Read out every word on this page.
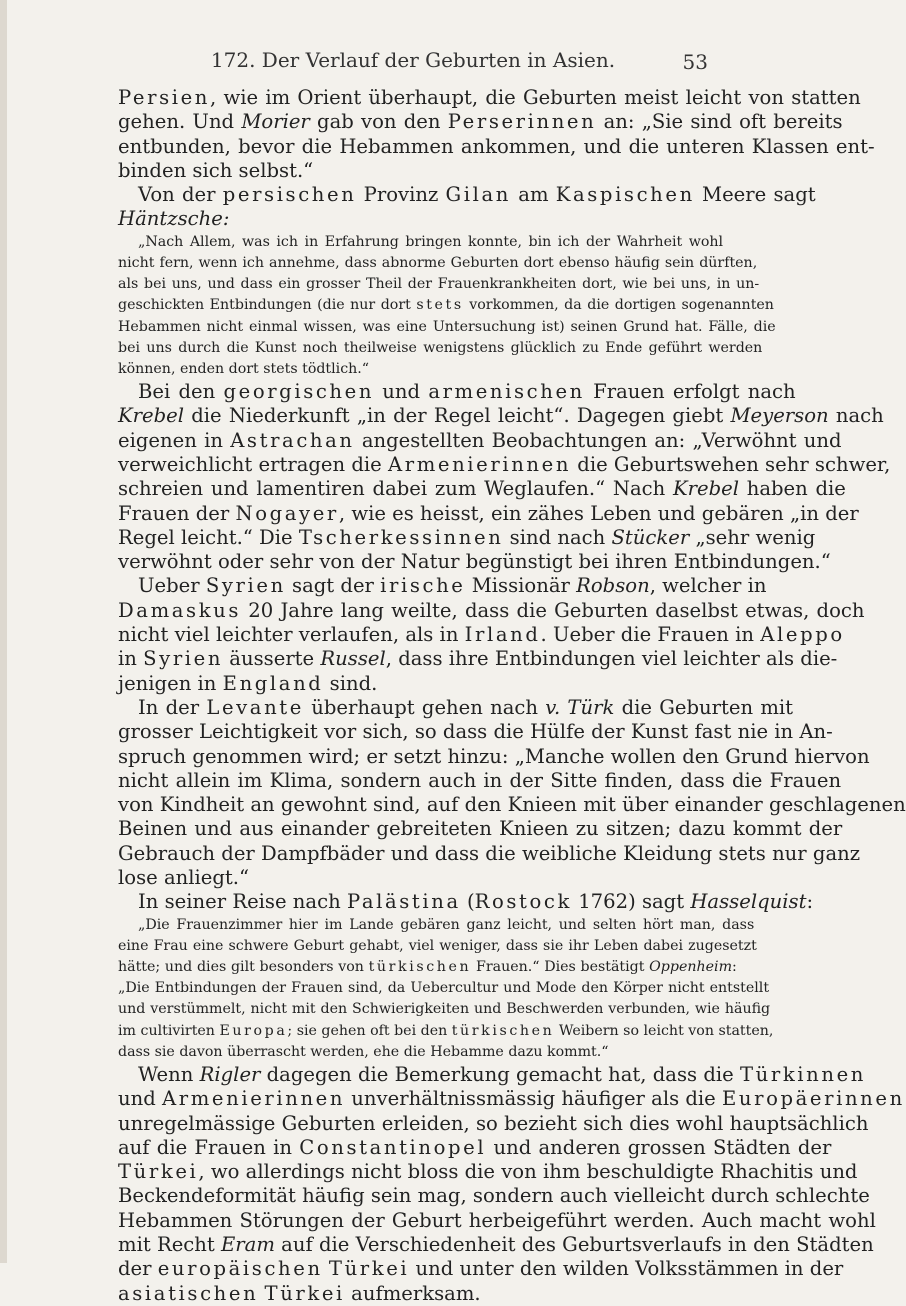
172. Der Verlauf der Geburten in Asien.	53
Persien, wie im Orient überhaupt, die Geburten meist leicht von statten
gehen. Und Morier gab von den Perserinnen an: „Sie sind oft bereits
entbunden, bevor die Hebammen ankommen, und die unteren Klassen ent-
binden sich selbst.“
Von der persischen Provinz Gilan am Kaspischen Meere sagt
Häntzsche:
„Nach Allem, was ich in Erfahrung bringen konnte, bin ich der Wahrheit wohl
nicht fern, wenn ich annehme, dass abnorme Geburten dort ebenso häufig sein dürften,
als bei uns, und dass ein grosser Theil der Frauenkrankheiten dort, wie bei uns, in un-
geschickten Entbindungen (die nur dort stets vorkommen, da die dortigen sogenannten
Hebammen nicht einmal wissen, was eine Untersuchung ist) seinen Grund hat. Fälle, die
bei uns durch die Kunst noch theilweise wenigstens glücklich zu Ende geführt werden
können, enden dort stets tödtlich.“
Bei den georgischen und armenischen Frauen erfolgt nach
Krebel die Niederkunft „in der Regel leicht“. Dagegen giebt Meyerson nach
eigenen in Astrachan angestellten Beobachtungen an: „Verwöhnt und
verweichlicht ertragen die Armenierinnen die Geburtswehen sehr schwer,
schreien und lamentiren dabei zum Weglaufen.“ Nach Krebel haben die
Frauen der Nogayer, wie es heisst, ein zähes Leben und gebären „in der
Regel leicht.“ Die Tscherkessinnen sind nach Stücker „sehr wenig
verwöhnt oder sehr von der Natur begünstigt bei ihren Entbindungen.“
Ueber Syrien sagt der irische Missionär Robson, welcher in
Damaskus 20 Jahre lang weilte, dass die Geburten daselbst etwas, doch
nicht viel leichter verlaufen, als in Irland. Ueber die Frauen in Aleppo
in Syrien äusserte Russel, dass ihre Entbindungen viel leichter als die-
jenigen in England sind.
In der Levante überhaupt gehen nach v. Türk die Geburten mit
grosser Leichtigkeit vor sich, so dass die Hülfe der Kunst fast nie in An-
spruch genommen wird; er setzt hinzu: „Manche wollen den Grund hiervon
nicht allein im Klima, sondern auch in der Sitte finden, dass die Frauen
von Kindheit an gewohnt sind, auf den Knieen mit über einander geschlagenen
Beinen und aus einander gebreiteten Knieen zu sitzen; dazu kommt der
Gebrauch der Dampfbäder und dass die weibliche Kleidung stets nur ganz
lose anliegt.“
In seiner Reise nach Palästina (Rostock 1762) sagt Hasselquist:
„Die Frauenzimmer hier im Lande gebären ganz leicht, und selten hört man, dass
eine Frau eine schwere Geburt gehabt, viel weniger, dass sie ihr Leben dabei zugesetzt
hätte; und dies gilt besonders von türkischen Frauen.“ Dies bestätigt Oppenheim:
„Die Entbindungen der Frauen sind, da Uebercultur und Mode den Körper nicht entstellt
und verstümmelt, nicht mit den Schwierigkeiten und Beschwerden verbunden, wie häufig
im cultivirten Europa; sie gehen oft bei den türkischen Weibern so leicht von statten,
dass sie davon überrascht werden, ehe die Hebamme dazu kommt.“
Wenn Rigler dagegen die Bemerkung gemacht hat, dass die Türkinnen
und Armenierinnen unverhältnissmässig häufiger als die Europäerinnen
unregelmässige Geburten erleiden, so bezieht sich dies wohl hauptsächlich
auf die Frauen in Constantinopel und anderen grossen Städten der
Türkei, wo allerdings nicht bloss die von ihm beschuldigte Rhachitis und
Beckendeformität häufig sein mag, sondern auch vielleicht durch schlechte
Hebammen Störungen der Geburt herbeigeführt werden. Auch macht wohl
mit Recht Eram auf die Verschiedenheit des Geburtsverlaufs in den Städten
der europäischen Türkei und unter den wilden Volksstämmen in der
asiatischen Türkei aufmerksam.
